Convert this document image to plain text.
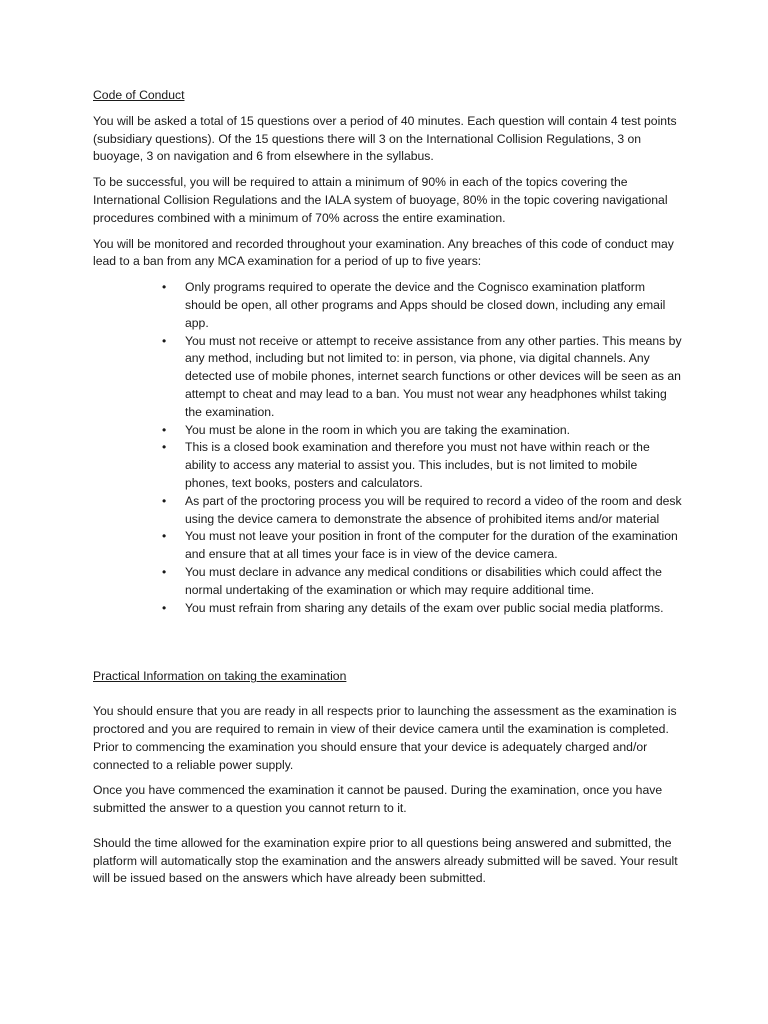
Code of Conduct

You will be asked a total of 15 questions over a period of 40 minutes. Each question will contain 4 test points (subsidiary questions). Of the 15 questions there will 3 on the International Collision Regulations, 3 on buoyage, 3 on navigation and 6 from elsewhere in the syllabus.

To be successful, you will be required to attain a minimum of 90% in each of the topics covering the International Collision Regulations and the IALA system of buoyage, 80% in the topic covering navigational procedures combined with a minimum of 70% across the entire examination.

You will be monitored and recorded throughout your examination. Any breaches of this code of conduct may lead to a ban from any MCA examination for a period of up to five years:

• Only programs required to operate the device and the Cognisco examination platform should be open, all other programs and Apps should be closed down, including any email app.
• You must not receive or attempt to receive assistance from any other parties. This means by any method, including but not limited to: in person, via phone, via digital channels. Any detected use of mobile phones, internet search functions or other devices will be seen as an attempt to cheat and may lead to a ban. You must not wear any headphones whilst taking the examination.
• You must be alone in the room in which you are taking the examination.
• This is a closed book examination and therefore you must not have within reach or the ability to access any material to assist you. This includes, but is not limited to mobile phones, text books, posters and calculators.
• As part of the proctoring process you will be required to record a video of the room and desk using the device camera to demonstrate the absence of prohibited items and/or material
• You must not leave your position in front of the computer for the duration of the examination and ensure that at all times your face is in view of the device camera.
• You must declare in advance any medical conditions or disabilities which could affect the normal undertaking of the examination or which may require additional time.
• You must refrain from sharing any details of the exam over public social media platforms.
Practical Information on taking the examination

You should ensure that you are ready in all respects prior to launching the assessment as the examination is proctored and you are required to remain in view of their device camera until the examination is completed. Prior to commencing the examination you should ensure that your device is adequately charged and/or connected to a reliable power supply.

Once you have commenced the examination it cannot be paused. During the examination, once you have submitted the answer to a question you cannot return to it.

Should the time allowed for the examination expire prior to all questions being answered and submitted, the platform will automatically stop the examination and the answers already submitted will be saved. Your result will be issued based on the answers which have already been submitted.
